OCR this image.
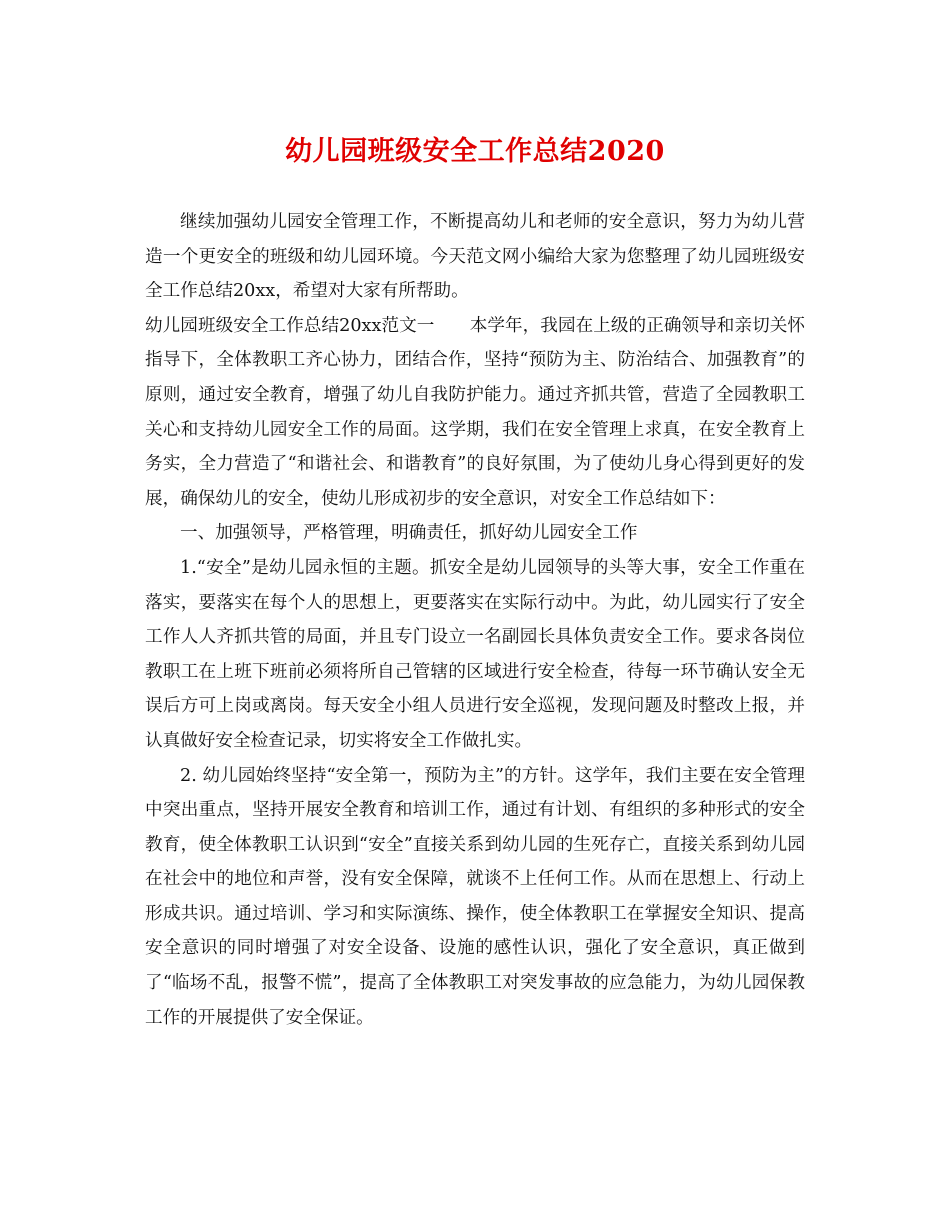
幼儿园班级安全工作总结2020

继续加强幼儿园安全管理工作，不断提高幼儿和老师的安全意识，努力为幼儿营造一个更安全的班级和幼儿园环境。今天范文网小编给大家为您整理了幼儿园班级安全工作总结20xx，希望对大家有所帮助。

幼儿园班级安全工作总结20xx范文一　　本学年，我园在上级的正确领导和亲切关怀指导下，全体教职工齐心协力，团结合作，坚持“预防为主、防治结合、加强教育”的原则，通过安全教育，增强了幼儿自我防护能力。通过齐抓共管，营造了全园教职工关心和支持幼儿园安全工作的局面。这学期，我们在安全管理上求真，在安全教育上务实，全力营造了“和谐社会、和谐教育”的良好氛围，为了使幼儿身心得到更好的发展，确保幼儿的安全，使幼儿形成初步的安全意识，对安全工作总结如下：

一、加强领导，严格管理，明确责任，抓好幼儿园安全工作

1.“安全”是幼儿园永恒的主题。抓安全是幼儿园领导的头等大事，安全工作重在落实，要落实在每个人的思想上，更要落实在实际行动中。为此，幼儿园实行了安全工作人人齐抓共管的局面，并且专门设立一名副园长具体负责安全工作。要求各岗位教职工在上班下班前必须将所自己管辖的区域进行安全检查，待每一环节确认安全无误后方可上岗或离岗。每天安全小组人员进行安全巡视，发现问题及时整改上报，并认真做好安全检查记录，切实将安全工作做扎实。

2. 幼儿园始终坚持“安全第一，预防为主”的方针。这学年，我们主要在安全管理中突出重点，坚持开展安全教育和培训工作，通过有计划、有组织的多种形式的安全教育，使全体教职工认识到“安全”直接关系到幼儿园的生死存亡，直接关系到幼儿园在社会中的地位和声誉，没有安全保障，就谈不上任何工作。从而在思想上、行动上形成共识。通过培训、学习和实际演练、操作，使全体教职工在掌握安全知识、提高安全意识的同时增强了对安全设备、设施的感性认识，强化了安全意识，真正做到了“临场不乱，报警不慌”，提高了全体教职工对突发事故的应急能力，为幼儿园保教工作的开展提供了安全保证。
